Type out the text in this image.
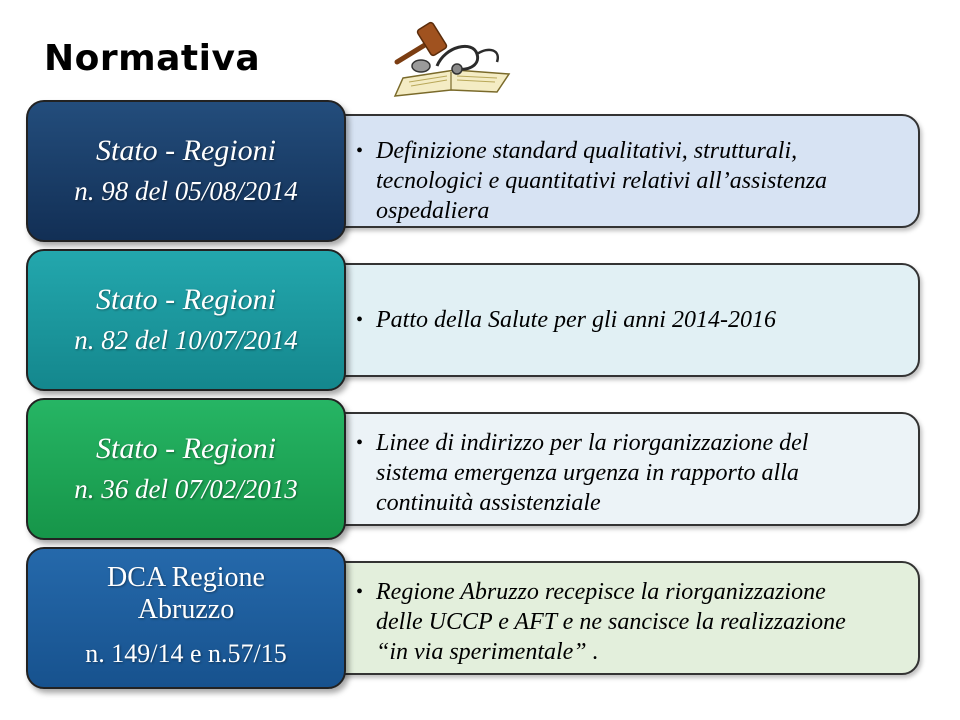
Normativa
• Definizione standard qualitativi, strutturali,
tecnologici e quantitativi relativi all’assistenza
ospedaliera
Stato - Regioni
n. 98 del 05/08/2014
• Patto della Salute per gli anni 2014-2016
Stato - Regioni
n. 82 del 10/07/2014
• Linee di indirizzo per la riorganizzazione del
sistema emergenza urgenza in rapporto alla
continuità assistenziale
Stato - Regioni
n. 36 del 07/02/2013
• Regione Abruzzo recepisce la riorganizzazione
delle UCCP e AFT e ne sancisce la realizzazione
“in via sperimentale” .
DCA Regione
Abruzzo
n. 149/14 e n.57/15
